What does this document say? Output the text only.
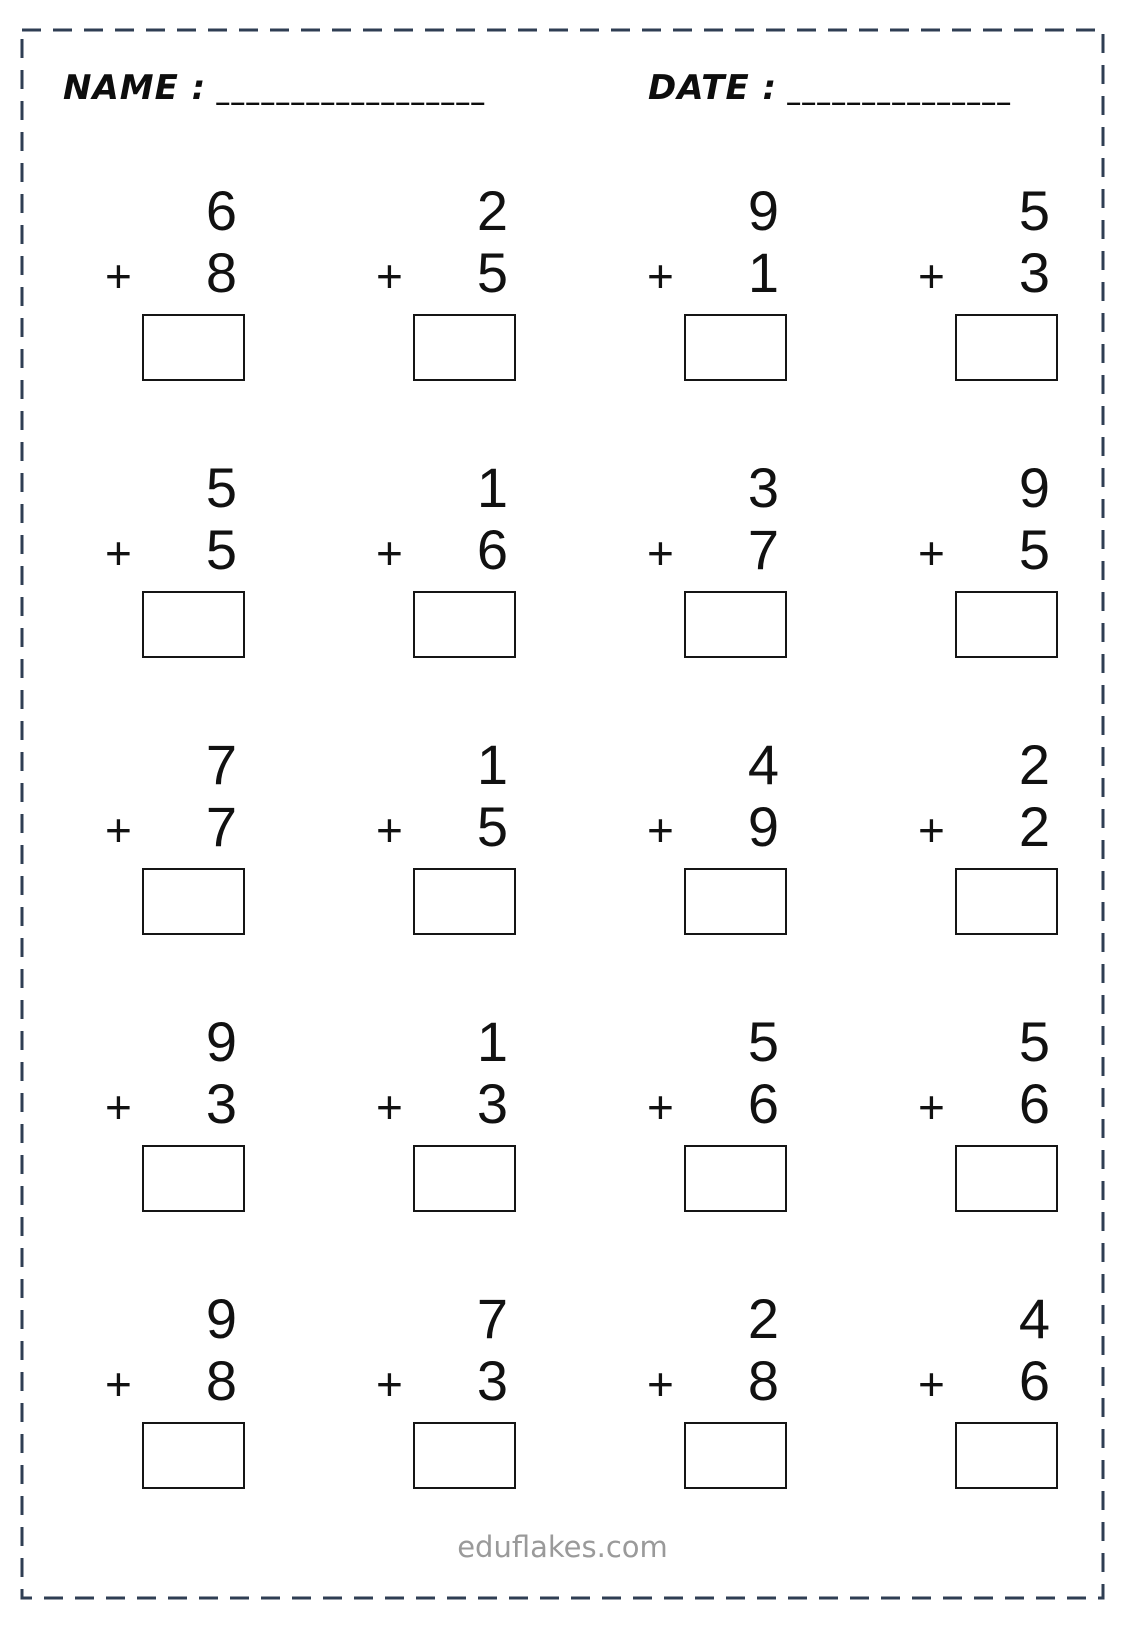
NAME : __________________	DATE : _______________
6
+ 8
2
+ 5
9
+ 1
5
+ 3
5
+ 5
1
+ 6
3
+ 7
9
+ 5
7
+ 7
1
+ 5
4
+ 9
2
+ 2
9
+ 3
1
+ 3
5
+ 6
5
+ 6
9
+ 8
7
+ 3
2
+ 8
4
+ 6
eduflakes.com
